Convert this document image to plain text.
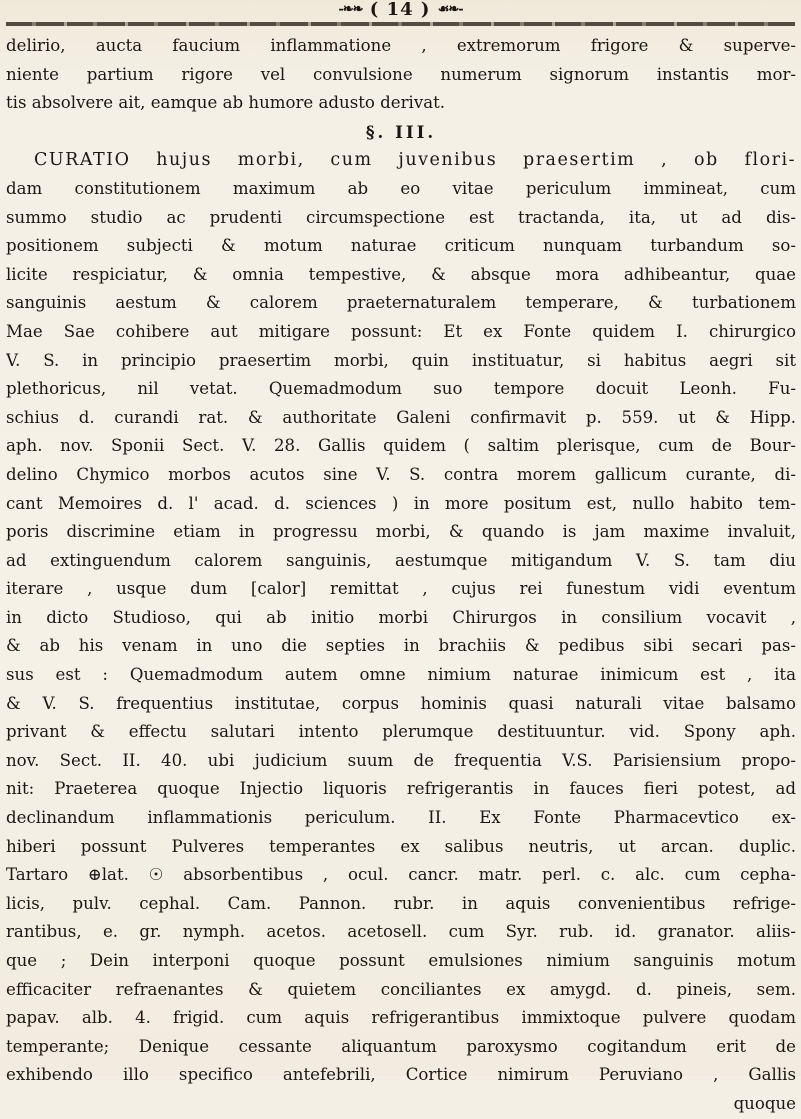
-❧❧ ( 14 ) ☙❧-
delirio, aucta faucium inflammatione , extremorum frigore & superve-
niente partium rigore vel convulsione numerum signorum instantis mor-
tis absolvere ait, eamque ab humore adusto derivat.
§. III.
CURATIO hujus morbi, cum juvenibus praesertim , ob flori-
dam constitutionem maximum ab eo vitae periculum immineat, cum
summo studio ac prudenti circumspectione est tractanda, ita, ut ad dis-
positionem subjecti & motum naturae criticum nunquam turbandum so-
licite respiciatur, & omnia tempestive, & absque mora adhibeantur, quae
sanguinis aestum & calorem praeternaturalem temperare, & turbationem
Mae Sae cohibere aut mitigare possunt: Et ex Fonte quidem I. chirurgico
V. S. in principio praesertim morbi, quin instituatur, si habitus aegri sit
plethoricus, nil vetat. Quemadmodum suo tempore docuit Leonh. Fu-
schius d. curandi rat. & authoritate Galeni confirmavit p. 559. ut & Hipp.
aph. nov. Sponii Sect. V. 28. Gallis quidem ( saltim plerisque, cum de Bour-
delino Chymico morbos acutos sine V. S. contra morem gallicum curante, di-
cant Memoires d. l' acad. d. sciences ) in more positum est, nullo habito tem-
poris discrimine etiam in progressu morbi, & quando is jam maxime invaluit,
ad extinguendum calorem sanguinis, aestumque mitigandum V. S. tam diu
iterare , usque dum [calor] remittat , cujus rei funestum vidi eventum
in dicto Studioso, qui ab initio morbi Chirurgos in consilium vocavit ,
& ab his venam in uno die septies in brachiis & pedibus sibi secari pas-
sus est : Quemadmodum autem omne nimium naturae inimicum est , ita
& V. S. frequentius institutae, corpus hominis quasi naturali vitae balsamo
privant & effectu salutari intento plerumque destituuntur. vid. Spony aph.
nov. Sect. II. 40. ubi judicium suum de frequentia V.S. Parisiensium propo-
nit: Praeterea quoque Injectio liquoris refrigerantis in fauces fieri potest, ad
declinandum inflammationis periculum. II. Ex Fonte Pharmacevtico ex-
hiberi possunt Pulveres temperantes ex salibus neutris, ut arcan. duplic.
Tartaro ⊕lat. ☉ absorbentibus , ocul. cancr. matr. perl. c. alc. cum cepha-
licis, pulv. cephal. Cam. Pannon. rubr. in aquis convenientibus refrige-
rantibus, e. gr. nymph. acetos. acetosell. cum Syr. rub. id. granator. aliis-
que ; Dein interponi quoque possunt emulsiones nimium sanguinis motum
efficaciter refraenantes & quietem conciliantes ex amygd. d. pineis, sem.
papav. alb. 4. frigid. cum aquis refrigerantibus immixtoque pulvere quodam
temperante; Denique cessante aliquantum paroxysmo cogitandum erit de
exhibendo illo specifico antefebrili, Cortice nimirum Peruviano , Gallis
quoque
